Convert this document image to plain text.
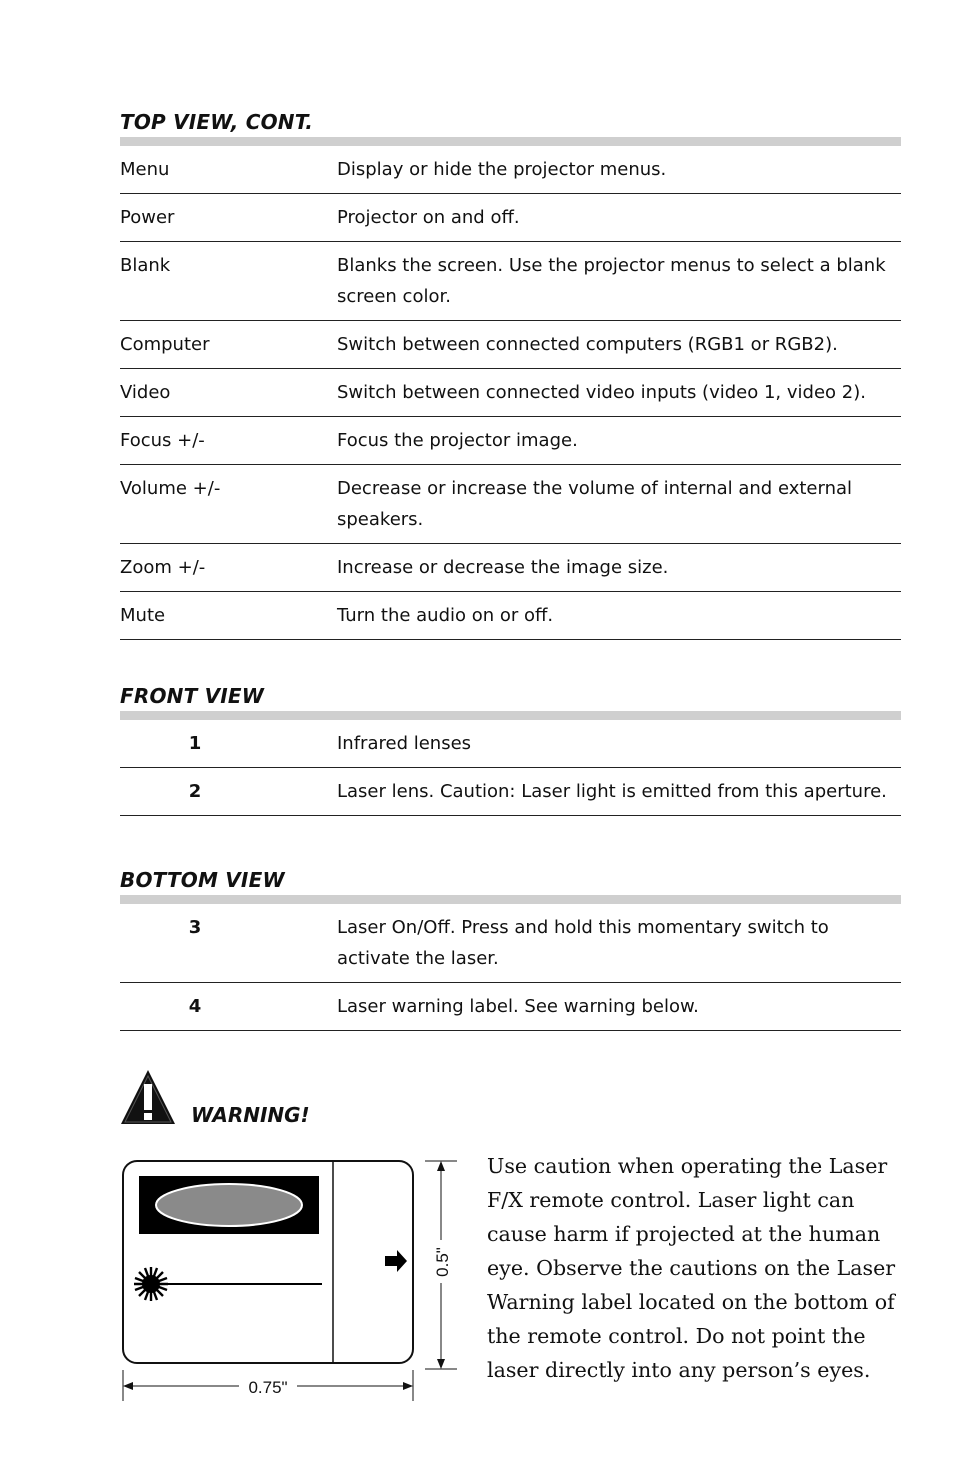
TOP VIEW, CONT.
Menu	Display or hide the projector menus.
Power	Projector on and off.
Blank	Blanks the screen. Use the projector menus to select a blank screen color.
Computer	Switch between connected computers (RGB1 or RGB2).
Video	Switch between connected video inputs (video 1, video 2).
Focus +/-	Focus the projector image.
Volume +/-	Decrease or increase the volume of internal and external speakers.
Zoom +/-	Increase or decrease the image size.
Mute	Turn the audio on or off.
FRONT VIEW
1	Infrared lenses
2	Laser lens. Caution: Laser light is emitted from this aperture.
BOTTOM VIEW
3	Laser On/Off. Press and hold this momentary switch to activate the laser.
4	Laser warning label. See warning below.
WARNING!
0.5"
0.75"
Use caution when operating the Laser
F/X remote control. Laser light can
cause harm if projected at the human
eye. Observe the cautions on the Laser
Warning label located on the bottom of
the remote control. Do not point the
laser directly into any person’s eyes.
